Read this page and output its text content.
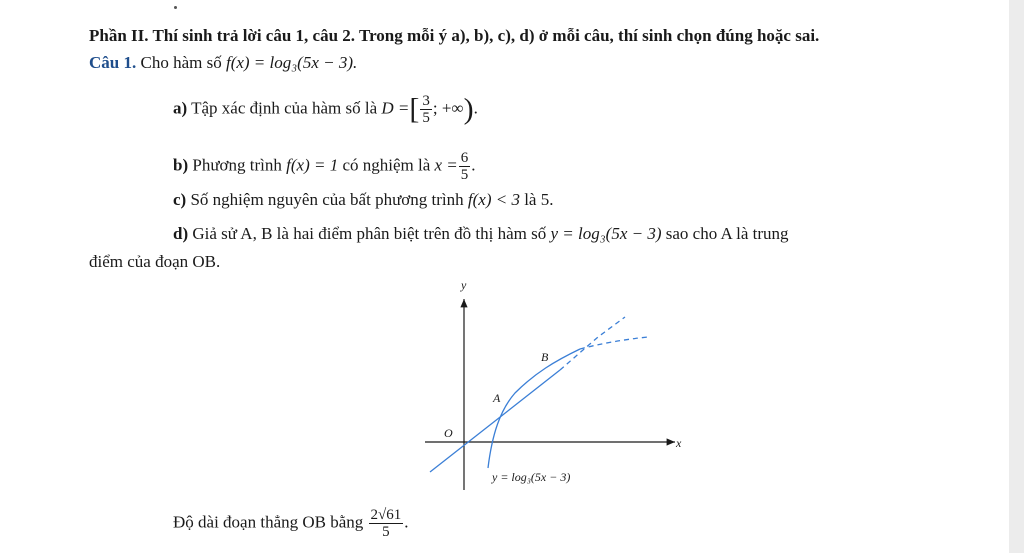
Phần II. Thí sinh trả lời câu 1, câu 2. Trong mỗi ý a), b), c), d) ở mỗi câu, thí sinh chọn đúng hoặc sai.
Câu 1. Cho hàm số f(x) = log₃(5x − 3).
a) Tập xác định của hàm số là D =[ $\frac{3}{5}$ ; +∞).
b) Phương trình f(x) = 1 có nghiệm là $x = \frac{6}{5}$ .
c) Số nghiệm nguyên của bất phương trình f(x) < 3 là 5.
d) Giả sử A, B là hai điểm phân biệt trên đồ thị hàm số y = log₃(5x − 3) sao cho A là trung
điểm của đoạn OB.
y
x
O
A
B
y = log₃(5x − 3)
Độ dài đoạn thẳng OB bằng $\frac{2√61}{5}$ .
